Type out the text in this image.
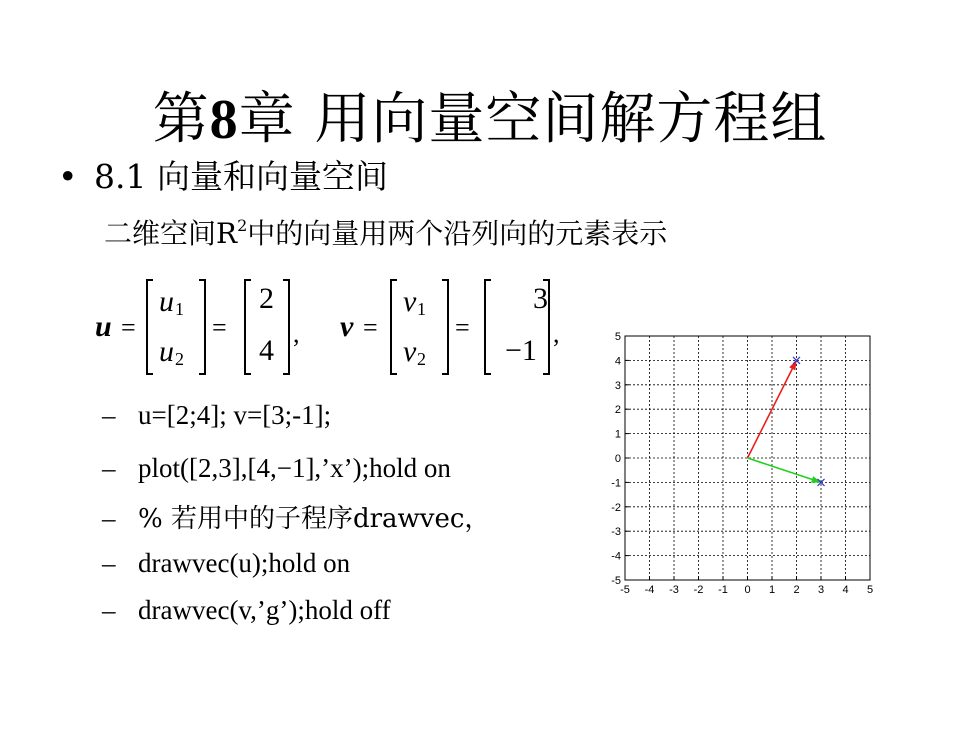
第8章 用向量空间解方程组
• 8.1 向量和向量空间
二维空间$R^2$中的向量用两个沿列向的元素表示
u =
u 1
u 2
=
2
4
, v =
v 1
v 2
=
3
−1
,
– u=[2;4]; v=[3;-1];
– plot([2,3],[4,−1],’x’);hold on
– % 若用中的子程序drawvec，
– drawvec(u);hold on
– drawvec(v,’g’);hold off
-5 -4 -3 -2 -1 0 1 2 3 4 5
5
4
3
2
1
0
-1
-2
-3
-4
-5
